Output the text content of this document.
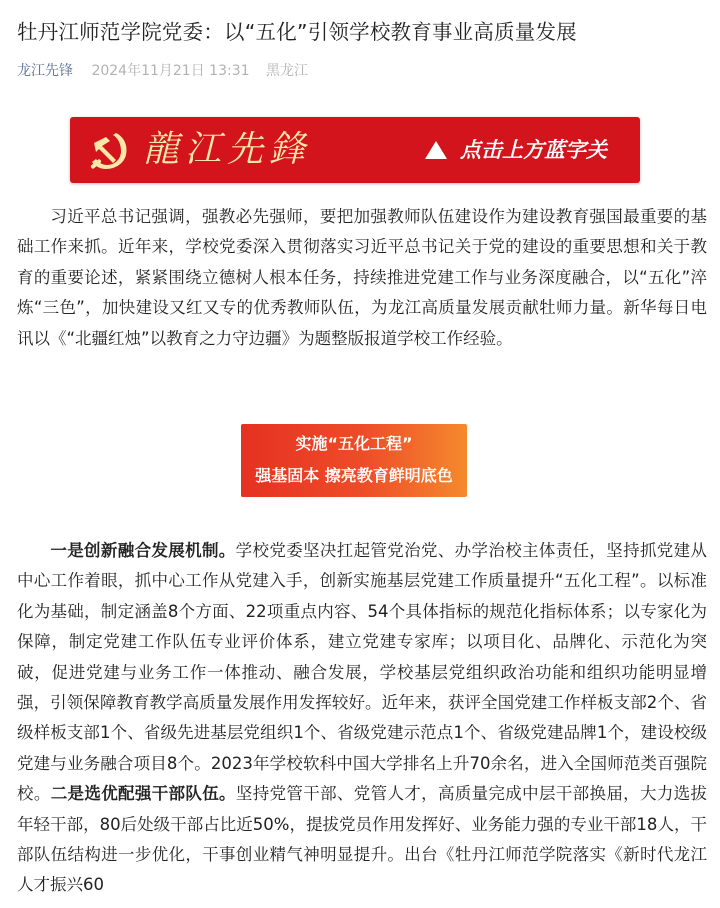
牡丹江师范学院党委：以“五化”引领学校教育事业高质量发展
龙江先锋 2024年11月21日 13:31 黑龙江
龍江先鋒	点击上方蓝字关
习近平总书记强调，强教必先强师，要把加强教师队伍建设作为建设教育强国最重要的基础工作来抓。近年来，学校党委深入贯彻落实习近平总书记关于党的建设的重要思想和关于教育的重要论述，紧紧围绕立德树人根本任务，持续推进党建工作与业务深度融合，以“五化”淬炼“三色”，加快建设又红又专的优秀教师队伍，为龙江高质量发展贡献牡师力量。新华每日电讯以《“北疆红烛”以教育之力守边疆》为题整版报道学校工作经验。
实施“五化工程”
强基固本 擦亮教育鲜明底色
一是创新融合发展机制。学校党委坚决扛起管党治党、办学治校主体责任，坚持抓党建从中心工作着眼，抓中心工作从党建入手，创新实施基层党建工作质量提升“五化工程”。以标准化为基础，制定涵盖8个方面、22项重点内容、54个具体指标的规范化指标体系；以专家化为保障，制定党建工作队伍专业评价体系，建立党建专家库；以项目化、品牌化、示范化为突破，促进党建与业务工作一体推动、融合发展，学校基层党组织政治功能和组织功能明显增强，引领保障教育教学高质量发展作用发挥较好。近年来，获评全国党建工作样板支部2个、省级样板支部1个、省级先进基层党组织1个、省级党建示范点1个、省级党建品牌1个，建设校级党建与业务融合项目8个。2023年学校软科中国大学排名上升70余名，进入全国师范类百强院校。二是选优配强干部队伍。坚持党管干部、党管人才，高质量完成中层干部换届，大力选拔年轻干部，80后处级干部占比近50%，提拔党员作用发挥好、业务能力强的专业干部18人，干部队伍结构进一步优化，干事创业精气神明显提升。出台《牡丹江师范学院落实《新时代龙江人才振兴60
